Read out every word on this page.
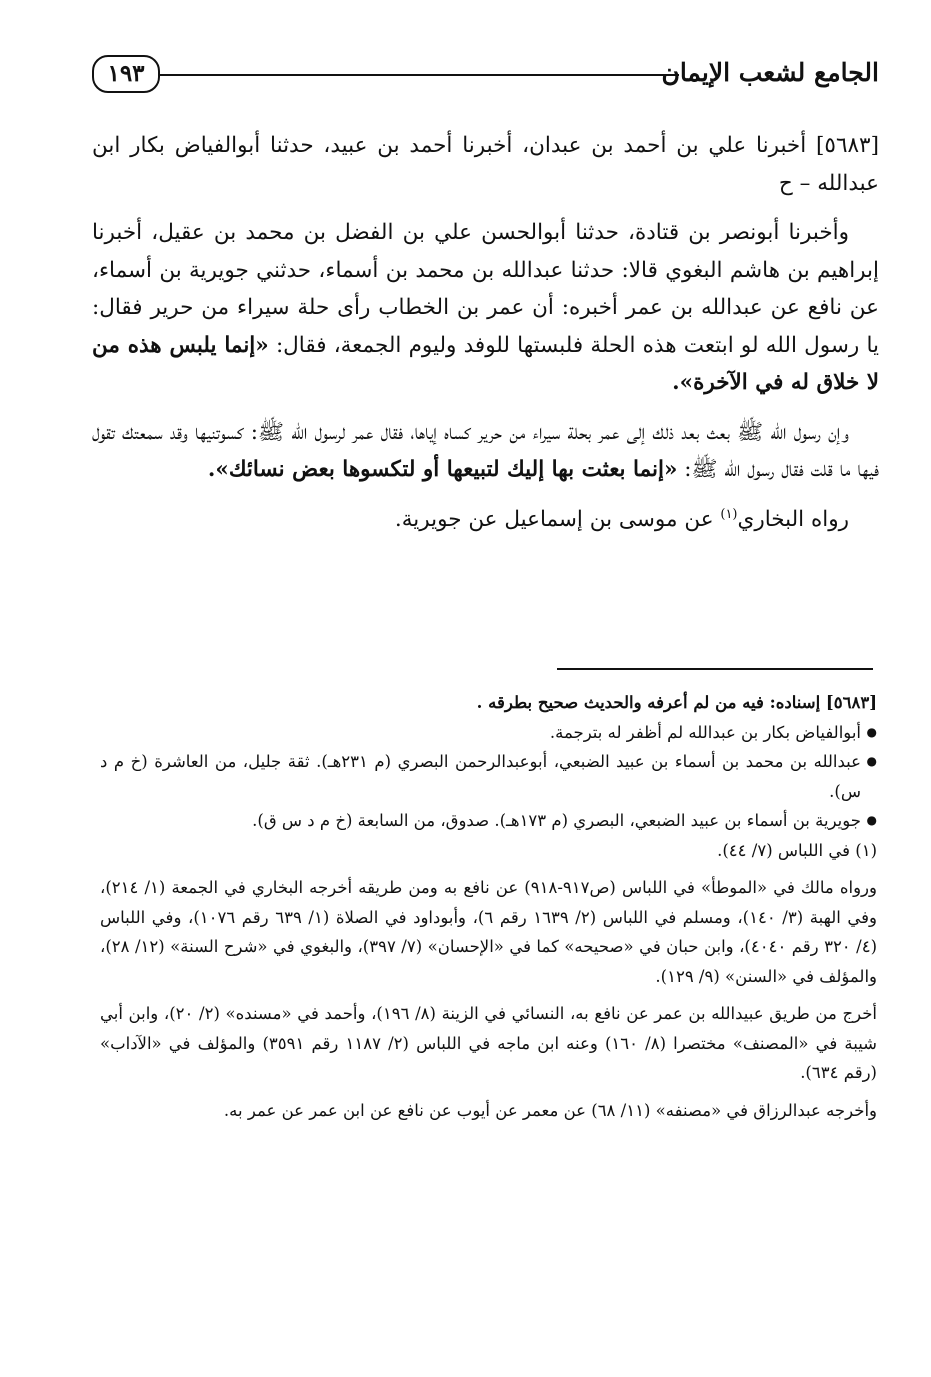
الجامع لشعب الإيمان
١٩٣

[٥٦٨٣] أخبرنا علي بن أحمد بن عبدان، أخبرنا أحمد بن عبيد، حدثنا أبوالفياض بكار ابن عبدالله – ح

وأخبرنا أبونصر بن قتادة، حدثنا أبوالحسن علي بن الفضل بن محمد بن عقيل، أخبرنا إبراهيم بن هاشم البغوي قالا: حدثنا عبدالله بن محمد بن أسماء، حدثني جويرية بن أسماء، عن نافع عن عبدالله بن عمر أخبره: أن عمر بن الخطاب رأى حلة سيراء من حرير فقال: يا رسول الله لو ابتعت هذه الحلة فلبستها للوفد وليوم الجمعة، فقال: «إنما يلبس هذه من لا خلاق له في الآخرة».

وإن رسول الله ﷺ بعث بعد ذلك إلى عمر بحلة سيراء من حرير كساه إياها، فقال عمر لرسول الله ﷺ: كسوتنيها وقد سمعتك تقول فيها ما قلت فقال رسول الله ﷺ: «إنما بعثت بها إليك لتبيعها أو لتكسوها بعض نسائك».

رواه البخاري$^{(١)}$ عن موسى بن إسماعيل عن جويرية.

[٥٦٨٣] إسناده: فيه من لم أعرفه والحديث صحيح بطرقه .

●
أبوالفياض بكار بن عبدالله لم أظفر له بترجمة.
●
عبدالله بن محمد بن أسماء بن عبيد الضبعي، أبوعبدالرحمن البصري (م ٢٣١هـ). ثقة جليل، من العاشرة (خ م د س).
●
جويرية بن أسماء بن عبيد الضبعي، البصري (م ١٧٣هـ). صدوق، من السابعة (خ م د س ق).

(١) في اللباس (٧/ ٤٤).

ورواه مالك في «الموطأ» في اللباس (ص٩١٧-٩١٨) عن نافع به ومن طريقه أخرجه البخاري في الجمعة (١/ ٢١٤)، وفي الهبة (٣/ ١٤٠)، ومسلم في اللباس (٢/ ١٦٣٩ رقم ٦)، وأبوداود في الصلاة (١/ ٦٣٩ رقم ١٠٧٦)، وفي اللباس (٤/ ٣٢٠ رقم ٤٠٤٠)، وابن حبان في «صحيحه» كما في «الإحسان» (٧/ ٣٩٧)، والبغوي في «شرح السنة» (١٢/ ٢٨)، والمؤلف في «السنن» (٩/ ١٢٩).

أخرج من طريق عبيدالله بن عمر عن نافع به، النسائي في الزينة (٨/ ١٩٦)، وأحمد في «مسنده» (٢/ ٢٠)، وابن أبي شيبة في «المصنف» مختصرا (٨/ ١٦٠) وعنه ابن ماجه في اللباس (٢/ ١١٨٧ رقم ٣٥٩١) والمؤلف في «الآداب» (رقم ٦٣٤).

وأخرجه عبدالرزاق في «مصنفه» (١١/ ٦٨) عن معمر عن أيوب عن نافع عن ابن عمر عن عمر به.
